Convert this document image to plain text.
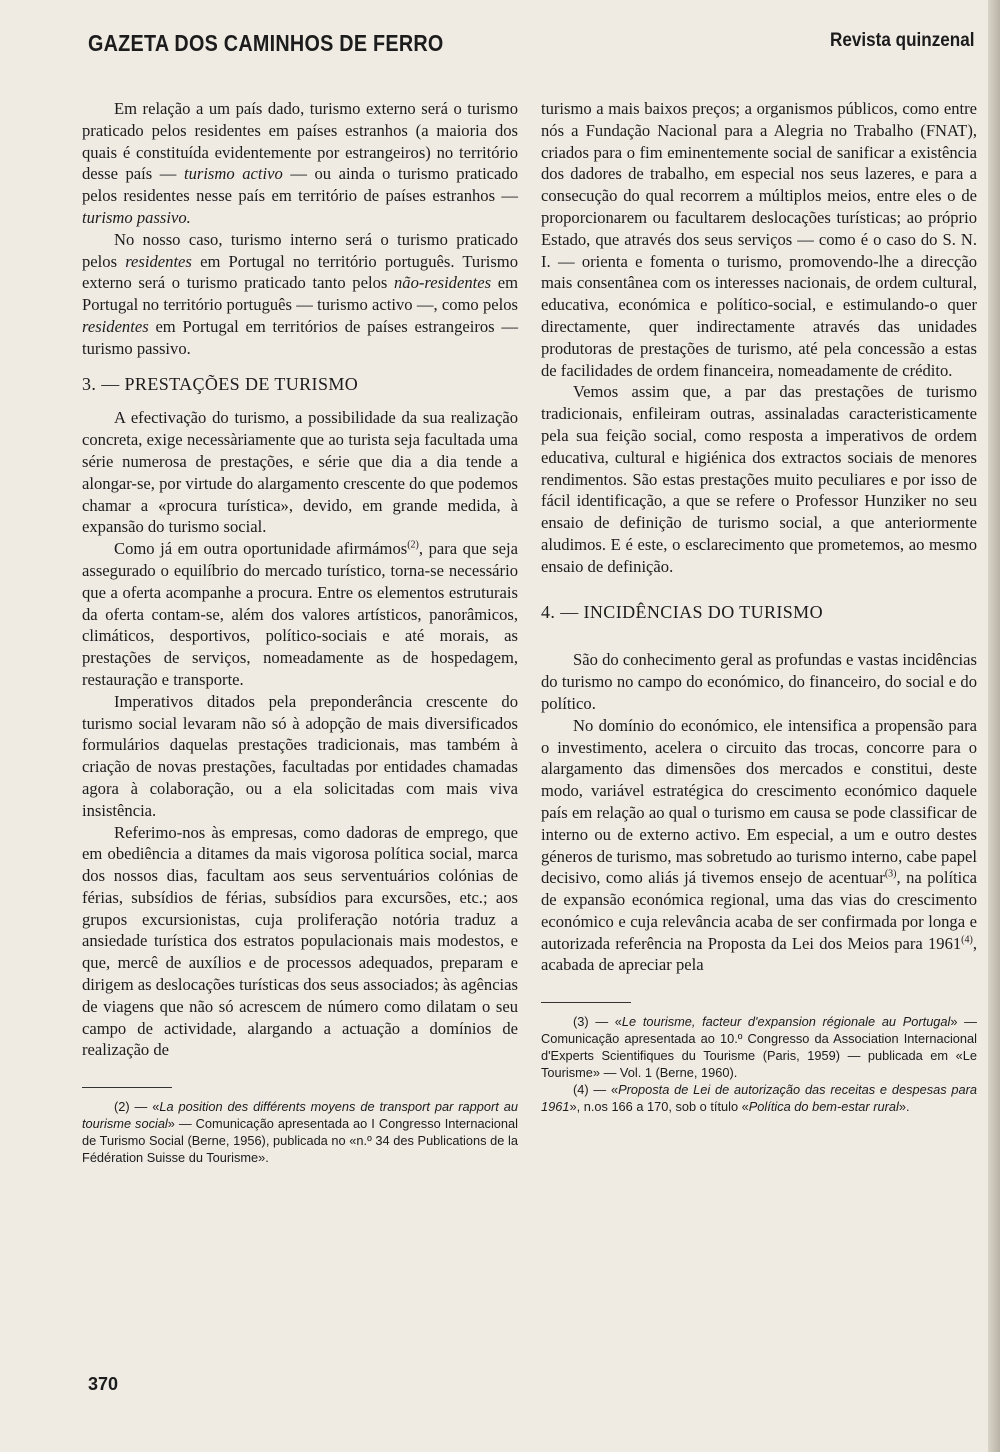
GAZETA DOS CAMINHOS DE FERRO	Revista quinzenal

Em relação a um país dado, turismo externo será o turismo praticado pelos residentes em países estranhos (a maioria dos quais é constituída evidentemente por estrangeiros) no território desse país — turismo activo — ou ainda o turismo praticado pelos residentes nesse país em território de países estranhos — turismo passivo.

No nosso caso, turismo interno será o turismo praticado pelos residentes em Portugal no território português. Turismo externo será o turismo praticado tanto pelos não-residentes em Portugal no território português — turismo activo —, como pelos residentes em Portugal em territórios de países estrangeiros — turismo passivo.

3. — PRESTAÇÕES DE TURISMO

A efectivação do turismo, a possibilidade da sua realização concreta, exige necessàriamente que ao turista seja facultada uma série numerosa de prestações, e série que dia a dia tende a alongar-se, por virtude do alargamento crescente do que podemos chamar a «procura turística», devido, em grande medida, à expansão do turismo social.

Como já em outra oportunidade afirmámos$^{(2)}$, para que seja assegurado o equilíbrio do mercado turístico, torna-se necessário que a oferta acompanhe a procura. Entre os elementos estruturais da oferta contam-se, além dos valores artísticos, panorâmicos, climáticos, desportivos, político-sociais e até morais, as prestações de serviços, nomeadamente as de hospedagem, restauração e transporte.

Imperativos ditados pela preponderância crescente do turismo social levaram não só à adopção de mais diversificados formulários daquelas prestações tradicionais, mas também à criação de novas prestações, facultadas por entidades chamadas agora à colaboração, ou a ela solicitadas com mais viva insistência.

Referimo-nos às empresas, como dadoras de emprego, que em obediência a ditames da mais vigorosa política social, marca dos nossos dias, facultam aos seus serventuários colónias de férias, subsídios de férias, subsídios para excursões, etc.; aos grupos excursionistas, cuja proliferação notória traduz a ansiedade turística dos estratos populacionais mais modestos, e que, mercê de auxílios e de processos adequados, preparam e dirigem as deslocações turísticas dos seus associados; às agências de viagens que não só acrescem de número como dilatam o seu campo de actividade, alargando a actuação a domínios de realização de

(2) — «La position des différents moyens de transport par rapport au tourisme social» — Comunicação apresentada ao I Congresso Internacional de Turismo Social (Berne, 1956), publicada no «n.º 34 des Publications de la Fédération Suisse du Tourisme».

turismo a mais baixos preços; a organismos públicos, como entre nós a Fundação Nacional para a Alegria no Trabalho (FNAT), criados para o fim eminentemente social de sanificar a existência dos dadores de trabalho, em especial nos seus lazeres, e para a consecução do qual recorrem a múltiplos meios, entre eles o de proporcionarem ou facultarem deslocações turísticas; ao próprio Estado, que através dos seus serviços — como é o caso do S. N. I. — orienta e fomenta o turismo, promovendo-lhe a direcção mais consentânea com os interesses nacionais, de ordem cultural, educativa, económica e político-social, e estimulando-o quer directamente, quer indirectamente através das unidades produtoras de prestações de turismo, até pela concessão a estas de facilidades de ordem financeira, nomeadamente de crédito.

Vemos assim que, a par das prestações de turismo tradicionais, enfileiram outras, assinaladas caracteristicamente pela sua feição social, como resposta a imperativos de ordem educativa, cultural e higiénica dos extractos sociais de menores rendimentos. São estas prestações muito peculiares e por isso de fácil identificação, a que se refere o Professor Hunziker no seu ensaio de definição de turismo social, a que anteriormente aludimos. E é este, o esclarecimento que prometemos, ao mesmo ensaio de definição.

4. — INCIDÊNCIAS DO TURISMO

São do conhecimento geral as profundas e vastas incidências do turismo no campo do económico, do financeiro, do social e do político.

No domínio do económico, ele intensifica a propensão para o investimento, acelera o circuito das trocas, concorre para o alargamento das dimensões dos mercados e constitui, deste modo, variável estratégica do crescimento económico daquele país em relação ao qual o turismo em causa se pode classificar de interno ou de externo activo. Em especial, a um e outro destes géneros de turismo, mas sobretudo ao turismo interno, cabe papel decisivo, como aliás já tivemos ensejo de acentuar$^{(3)}$, na política de expansão económica regional, uma das vias do crescimento económico e cuja relevância acaba de ser confirmada por longa e autorizada referência na Proposta da Lei dos Meios para 1961$^{(4)}$, acabada de apreciar pela

(3) — «Le tourisme, facteur d'expansion régionale au Portugal» — Comunicação apresentada ao 10.º Congresso da Association Internacional d'Experts Scientifiques du Tourisme (Paris, 1959) — publicada em «Le Tourisme» — Vol. 1 (Berne, 1960).

(4) — «Proposta de Lei de autorização das receitas e despesas para 1961», n.os 166 a 170, sob o título «Política do bem-estar rural».

370
